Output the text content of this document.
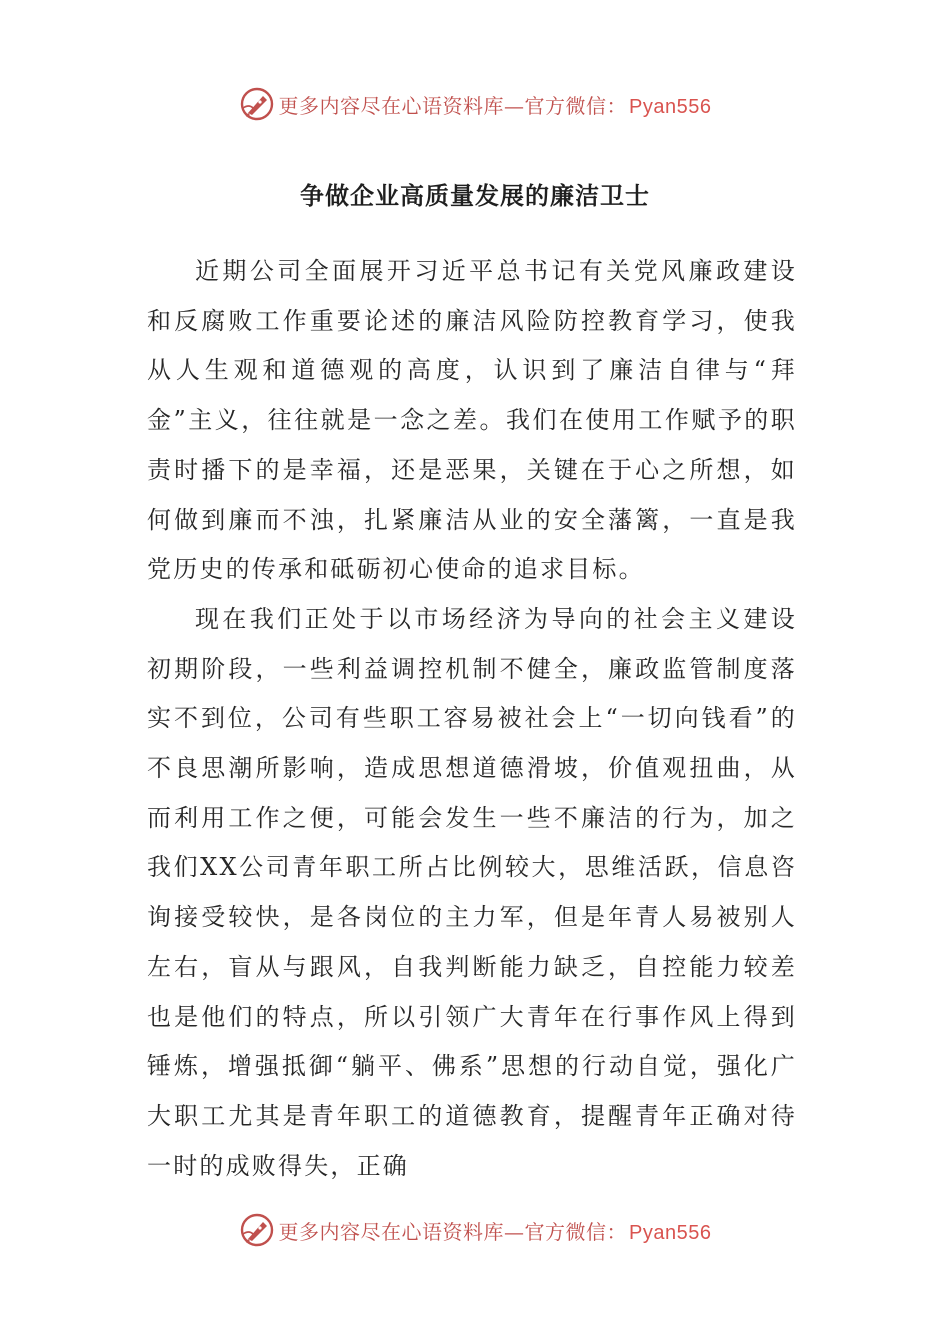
更多内容尽在心语资料库—官方微信： Pyan556
争做企业高质量发展的廉洁卫士

近期公司全面展开习近平总书记有关党风廉政建设和反腐败工作重要论述的廉洁风险防控教育学习，使我从人生观和道德观的高度，认识到了廉洁自律与“拜金”主义，往往就是一念之差。我们在使用工作赋予的职责时播下的是幸福，还是恶果，关键在于心之所想，如何做到廉而不浊，扎紧廉洁从业的安全藩篱，一直是我党历史的传承和砥砺初心使命的追求目标。

现在我们正处于以市场经济为导向的社会主义建设初期阶段，一些利益调控机制不健全，廉政监管制度落实不到位，公司有些职工容易被社会上“一切向钱看”的不良思潮所影响，造成思想道德滑坡，价值观扭曲，从而利用工作之便，可能会发生一些不廉洁的行为，加之我们XX公司青年职工所占比例较大，思维活跃，信息咨询接受较快，是各岗位的主力军，但是年青人易被别人左右，盲从与跟风，自我判断能力缺乏，自控能力较差也是他们的特点，所以引领广大青年在行事作风上得到锤炼，增强抵御“躺平、佛系”思想的行动自觉，强化广大职工尤其是青年职工的道德教育，提醒青年正确对待一时的成败得失，正确

更多内容尽在心语资料库—官方微信： Pyan556
